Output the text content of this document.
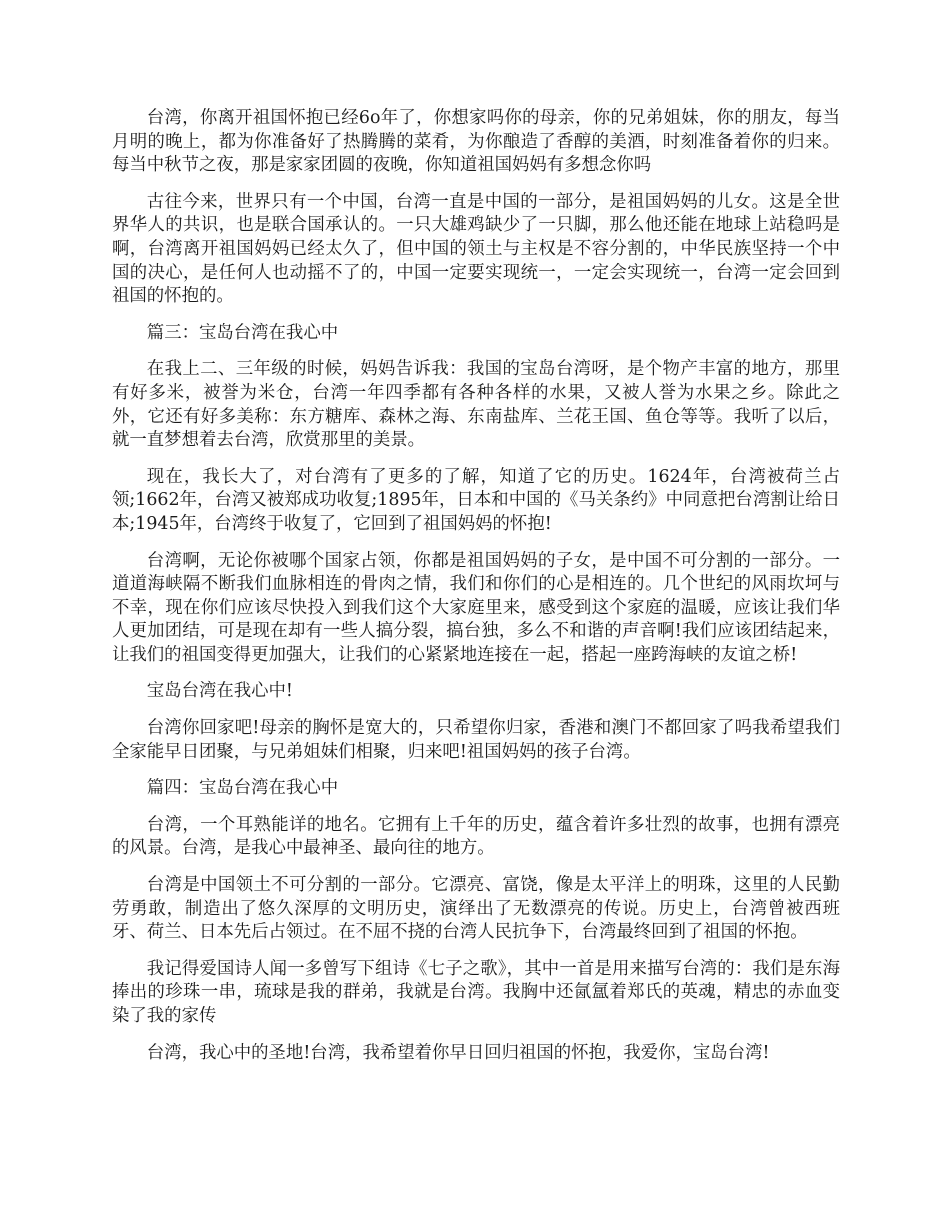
台湾，你离开祖国怀抱已经6o年了，你想家吗你的母亲，你的兄弟姐妹，你的朋友，每当月明的晚上，都为你准备好了热腾腾的菜肴，为你酿造了香醇的美酒，时刻准备着你的归来。每当中秋节之夜，那是家家团圆的夜晚，你知道祖国妈妈有多想念你吗

古往今来，世界只有一个中国，台湾一直是中国的一部分，是祖国妈妈的儿女。这是全世界华人的共识，也是联合国承认的。一只大雄鸡缺少了一只脚，那么他还能在地球上站稳吗是啊，台湾离开祖国妈妈已经太久了，但中国的领土与主权是不容分割的，中华民族坚持一个中国的决心，是任何人也动摇不了的，中国一定要实现统一，一定会实现统一，台湾一定会回到祖国的怀抱的。

篇三：宝岛台湾在我心中

在我上二、三年级的时候，妈妈告诉我：我国的宝岛台湾呀，是个物产丰富的地方，那里有好多米，被誉为米仓，台湾一年四季都有各种各样的水果，又被人誉为水果之乡。除此之外，它还有好多美称：东方糖库、森林之海、东南盐库、兰花王国、鱼仓等等。我听了以后，就一直梦想着去台湾，欣赏那里的美景。

现在，我长大了，对台湾有了更多的了解，知道了它的历史。1624年，台湾被荷兰占领;1662年，台湾又被郑成功收复;1895年，日本和中国的《马关条约》中同意把台湾割让给日本;1945年，台湾终于收复了，它回到了祖国妈妈的怀抱!

台湾啊，无论你被哪个国家占领，你都是祖国妈妈的子女，是中国不可分割的一部分。一道道海峡隔不断我们血脉相连的骨肉之情，我们和你们的心是相连的。几个世纪的风雨坎坷与不幸，现在你们应该尽快投入到我们这个大家庭里来，感受到这个家庭的温暖，应该让我们华人更加团结，可是现在却有一些人搞分裂，搞台独，多么不和谐的声音啊!我们应该团结起来，让我们的祖国变得更加强大，让我们的心紧紧地连接在一起，搭起一座跨海峡的友谊之桥!

宝岛台湾在我心中!

台湾你回家吧!母亲的胸怀是宽大的，只希望你归家，香港和澳门不都回家了吗我希望我们全家能早日团聚，与兄弟姐妹们相聚，归来吧!祖国妈妈的孩子台湾。

篇四：宝岛台湾在我心中

台湾，一个耳熟能详的地名。它拥有上千年的历史，蕴含着许多壮烈的故事，也拥有漂亮的风景。台湾，是我心中最神圣、最向往的地方。

台湾是中国领土不可分割的一部分。它漂亮、富饶，像是太平洋上的明珠，这里的人民勤劳勇敢，制造出了悠久深厚的文明历史，演绎出了无数漂亮的传说。历史上，台湾曾被西班牙、荷兰、日本先后占领过。在不屈不挠的台湾人民抗争下，台湾最终回到了祖国的怀抱。

我记得爱国诗人闻一多曾写下组诗《七子之歌》，其中一首是用来描写台湾的：我们是东海捧出的珍珠一串，琉球是我的群弟，我就是台湾。我胸中还氤氲着郑氏的英魂，精忠的赤血变染了我的家传

台湾，我心中的圣地!台湾，我希望着你早日回归祖国的怀抱，我爱你，宝岛台湾!
